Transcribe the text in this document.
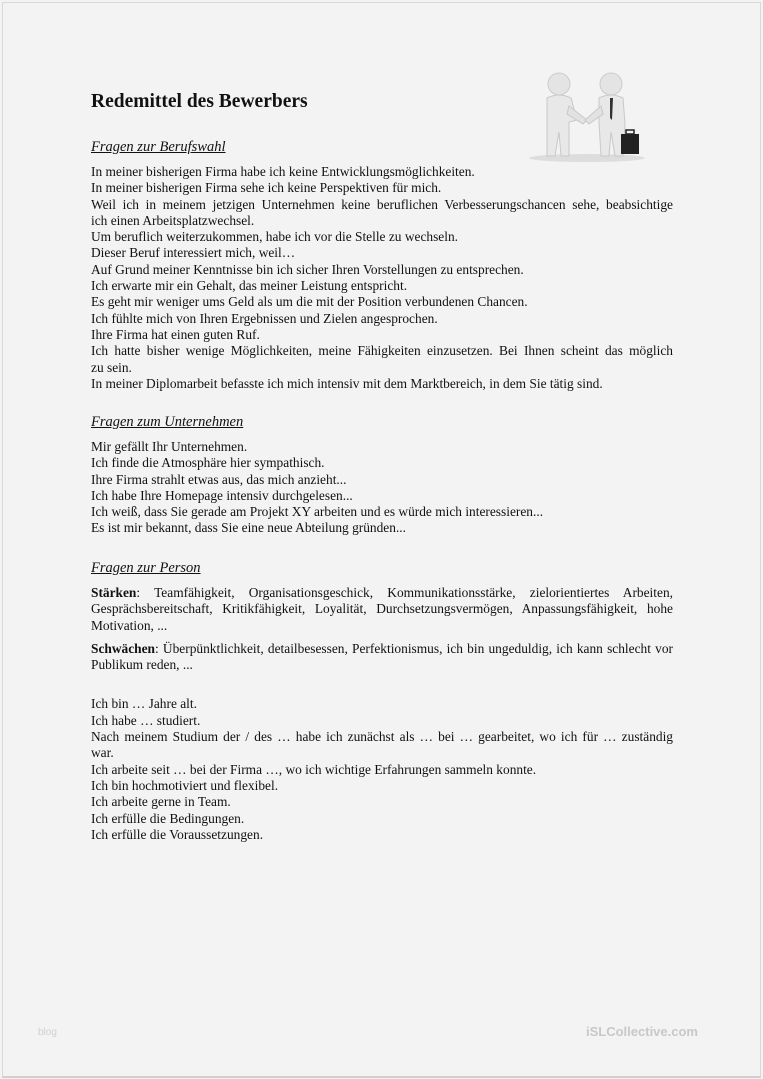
Redemittel des Bewerbers

Fragen zur Berufswahl

In meiner bisherigen Firma habe ich keine Entwicklungsmöglichkeiten.
In meiner bisherigen Firma sehe ich keine Perspektiven für mich.
Weil ich in meinem jetzigen Unternehmen keine beruflichen Verbesserungschancen sehe, beabsichtige
ich einen Arbeitsplatzwechsel.
Um beruflich weiterzukommen, habe ich vor die Stelle zu wechseln.
Dieser Beruf interessiert mich, weil…
Auf Grund meiner Kenntnisse bin ich sicher Ihren Vorstellungen zu entsprechen.
Ich erwarte mir ein Gehalt, das meiner Leistung entspricht.
Es geht mir weniger ums Geld als um die mit der Position verbundenen Chancen.
Ich fühlte mich von Ihren Ergebnissen und Zielen angesprochen.
Ihre Firma hat einen guten Ruf.
Ich hatte bisher wenige Möglichkeiten, meine Fähigkeiten einzusetzen. Bei Ihnen scheint das möglich
zu sein.
In meiner Diplomarbeit befasste ich mich intensiv mit dem Marktbereich, in dem Sie tätig sind.

Fragen zum Unternehmen

Mir gefällt Ihr Unternehmen.
Ich finde die Atmosphäre hier sympathisch.
Ihre Firma strahlt etwas aus, das mich anzieht...
Ich habe Ihre Homepage intensiv durchgelesen...
Ich weiß, dass Sie gerade am Projekt XY arbeiten und es würde mich interessieren...
Es ist mir bekannt, dass Sie eine neue Abteilung gründen...

Fragen zur Person

Stärken: Teamfähigkeit, Organisationsgeschick, Kommunikationsstärke, zielorientiertes Arbeiten, Gesprächsbereitschaft, Kritikfähigkeit, Loyalität, Durchsetzungsvermögen, Anpassungsfähigkeit, hohe Motivation, ...

Schwächen: Überpünktlichkeit, detailbesessen, Perfektionismus, ich bin ungeduldig, ich kann schlecht vor Publikum reden, ...

Ich bin … Jahre alt.
Ich habe … studiert.
Nach meinem Studium der / des … habe ich zunächst als … bei … gearbeitet, wo ich für … zuständig
war.
Ich arbeite seit … bei der Firma …, wo ich wichtige Erfahrungen sammeln konnte.
Ich bin hochmotiviert und flexibel.
Ich arbeite gerne in Team.
Ich erfülle die Bedingungen.
Ich erfülle die Voraussetzungen.
blog	iSLCollective.com
